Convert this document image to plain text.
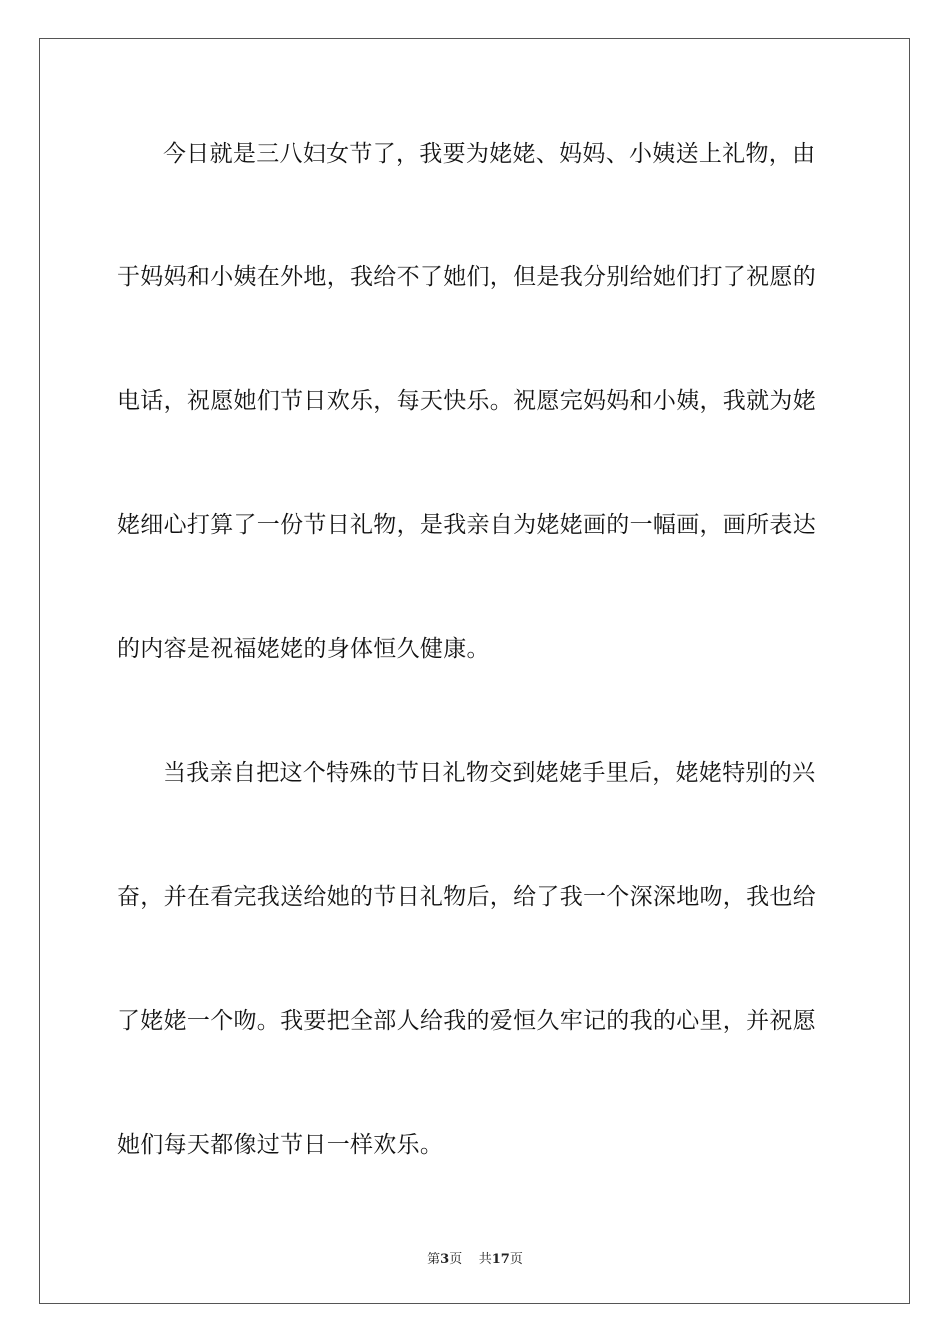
今日就是三八妇女节了，我要为姥姥、妈妈、小姨送上礼物，由
于妈妈和小姨在外地，我给不了她们，但是我分别给她们打了祝愿的
电话，祝愿她们节日欢乐，每天快乐。祝愿完妈妈和小姨，我就为姥
姥细心打算了一份节日礼物，是我亲自为姥姥画的一幅画，画所表达
的内容是祝福姥姥的身体恒久健康。
当我亲自把这个特殊的节日礼物交到姥姥手里后，姥姥特别的兴
奋，并在看完我送给她的节日礼物后，给了我一个深深地吻，我也给
了姥姥一个吻。我要把全部人给我的爱恒久牢记的我的心里，并祝愿
她们每天都像过节日一样欢乐。
第3页 共17页
